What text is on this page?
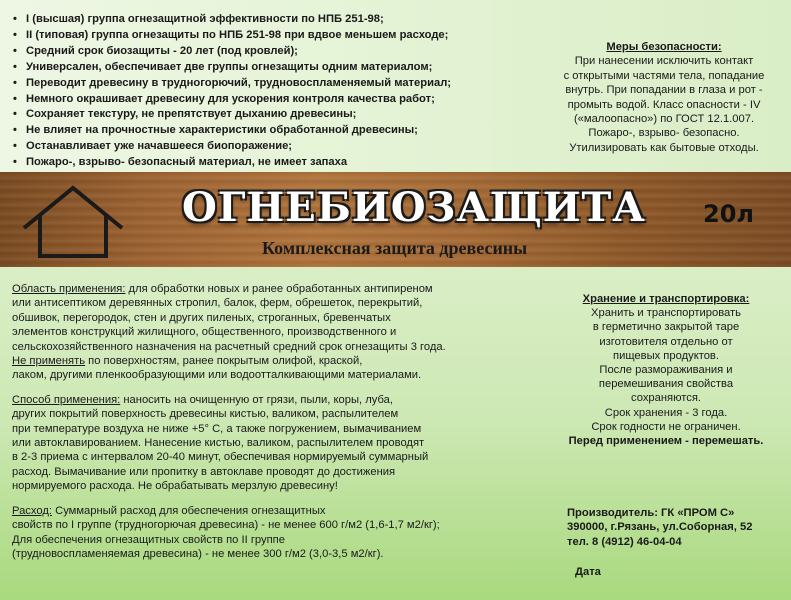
• I (высшая) группа огнезащитной эффективности по НПБ 251-98;
• II (типовая) группа огнезащиты по НПБ 251-98 при вдвое меньшем расходе;
• Средний срок биозащиты - 20 лет (под кровлей);
• Универсален, обеспечивает две группы огнезащиты одним материалом;
• Переводит древесину в трудногорючий, трудновоспламеняемый материал;
• Немного окрашивает древесину для ускорения контроля качества работ;
• Сохраняет текстуру, не препятствует дыханию древесины;
• Не влияет на прочностные характеристики обработанной древесины;
• Останавливает уже начавшееся биопоражение;
• Пожаро-, взрыво- безопасный материал, не имеет запаха
Меры безопасности:
При нанесении исключить контакт
с открытыми частями тела, попадание
внутрь. При попадании в глаза и рот -
промыть водой. Класс опасности - IV
(«малоопасно») по ГОСТ 12.1.007.
Пожаро-, взрыво- безопасно.
Утилизировать как бытовые отходы.
ОГНЕБИОЗАЩИТА
Комплексная защита древесины
20л

Область применения: для обработки новых и ранее обработанных антипиреном
или антисептиком деревянных стропил, балок, ферм, обрешеток, перекрытий,
обшивок, перегородок, стен и других пиленых, строганных, бревенчатых
элементов конструкций жилищного, общественного, производственного и
сельскохозяйственного назначения на расчетный средний срок огнезащиты 3 года.
Не применять по поверхностям, ранее покрытым олифой, краской,
лаком, другими пленкообразующими или водоотталкивающими материалами.

Способ применения: наносить на очищенную от грязи, пыли, коры, луба,
других покрытий поверхность древесины кистью, валиком, распылителем
при температуре воздуха не ниже +5° С, а также погружением, вымачиванием
или автоклавированием. Нанесение кистью, валиком, распылителем проводят
в 2-3 приема с интервалом 20-40 минут, обеспечивая нормируемый суммарный
расход. Вымачивание или пропитку в автоклаве проводят до достижения
нормируемого расхода. Не обрабатывать мерзлую древесину!

Расход: Суммарный расход для обеспечения огнезащитных
свойств по I группе (трудногорючая древесина) - не менее 600 г/м2 (1,6-1,7 м2/кг);
Для обеспечения огнезащитных свойств по II группе
(трудновоспламеняемая древесина) - не менее 300 г/м2 (3,0-3,5 м2/кг).

Хранение и транспортировка:
Хранить и транспортировать
в герметично закрытой таре
изготовителя отдельно от
пищевых продуктов.
После размораживания и
перемешивания свойства
сохраняются.
Срок хранения - 3 года.
Срок годности не ограничен.
Перед применением - перемешать.
Производитель: ГК «ПРОМ С»
390000, г.Рязань, ул.Соборная, 52
тел. 8 (4912) 46-04-04
Дата
